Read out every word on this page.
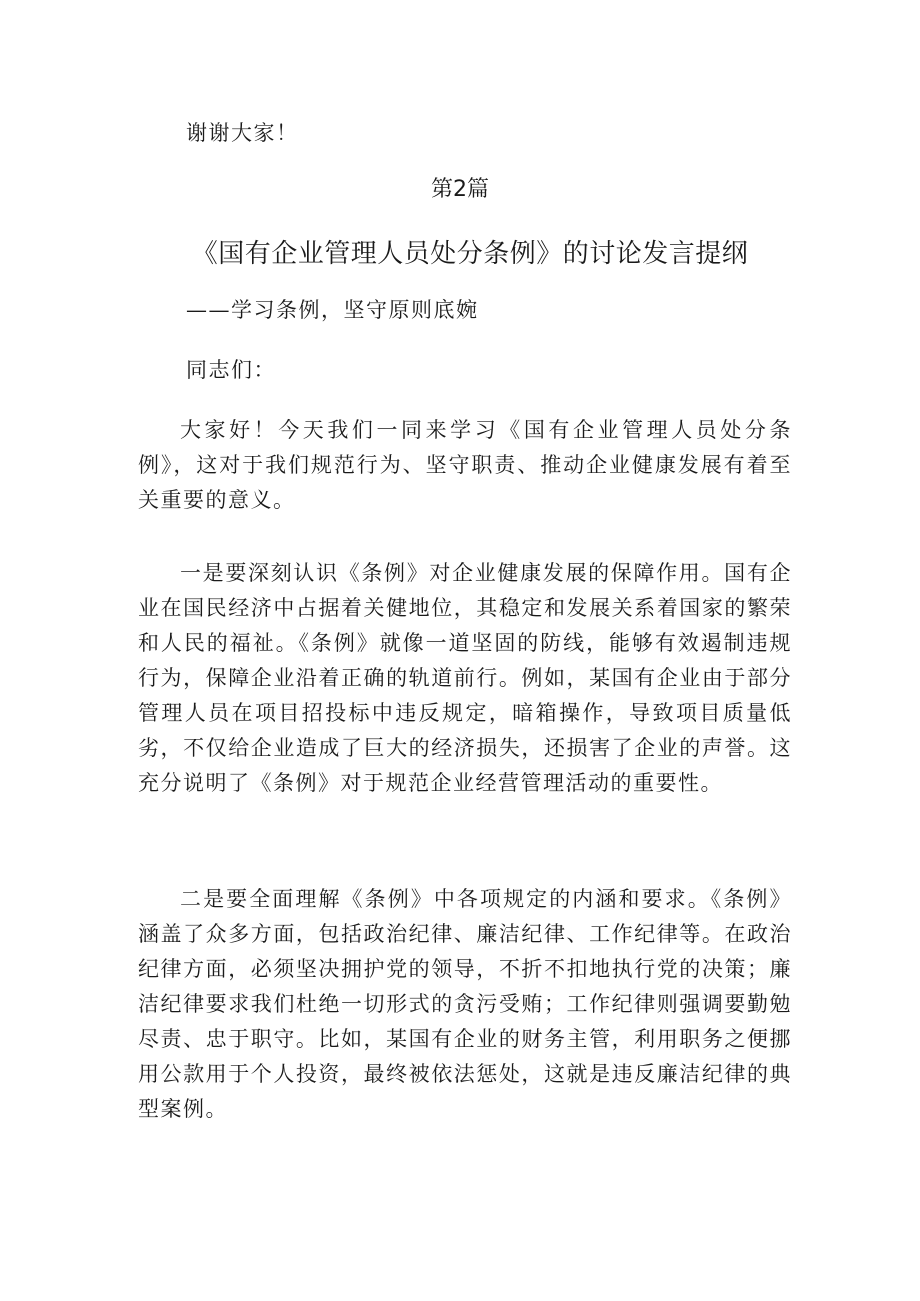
谢谢大家！
第2篇
《国有企业管理人员处分条例》的讨论发言提纲
——学习条例，坚守原则底婉
同志们：

大家好！今天我们一同来学习《国有企业管理人员处分条例》，这对于我们规范行为、坚守职责、推动企业健康发展有着至关重要的意义。

一是要深刻认识《条例》对企业健康发展的保障作用。国有企业在国民经济中占据着关健地位，其稳定和发展关系着国家的繁荣和人民的福祉。《条例》就像一道坚固的防线，能够有效遏制违规行为，保障企业沿着正确的轨道前行。例如，某国有企业由于部分管理人员在项目招投标中违反规定，暗箱操作，导致项目质量低劣，不仅给企业造成了巨大的经济损失，还损害了企业的声誉。这充分说明了《条例》对于规范企业经营管理活动的重要性。

二是要全面理解《条例》中各项规定的内涵和要求。《条例》涵盖了众多方面，包括政治纪律、廉洁纪律、工作纪律等。在政治纪律方面，必须坚决拥护党的领导，不折不扣地执行党的决策；廉洁纪律要求我们杜绝一切形式的贪污受贿；工作纪律则强调要勤勉尽责、忠于职守。比如，某国有企业的财务主管，利用职务之便挪用公款用于个人投资，最终被依法惩处，这就是违反廉洁纪律的典型案例。
